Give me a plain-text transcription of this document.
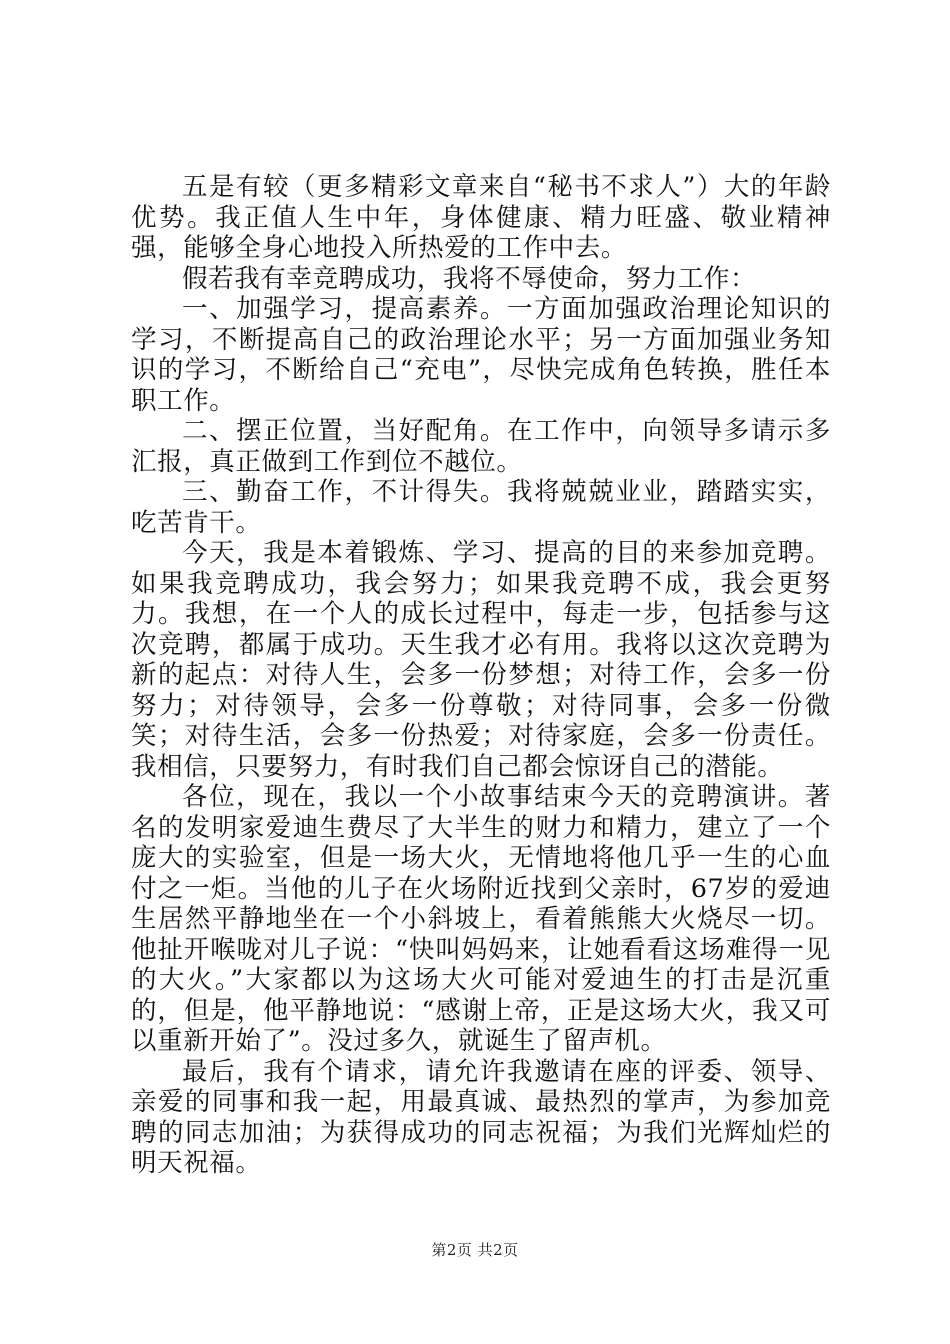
五是有较（更多精彩文章来自“秘书不求人”）大的年龄优势。我正值人生中年，身体健康、精力旺盛、敬业精神强，能够全身心地投入所热爱的工作中去。

假若我有幸竞聘成功，我将不辱使命，努力工作：

一、加强学习，提高素养。一方面加强政治理论知识的学习，不断提高自己的政治理论水平；另一方面加强业务知识的学习，不断给自己“充电”，尽快完成角色转换，胜任本职工作。

二、摆正位置，当好配角。在工作中，向领导多请示多汇报，真正做到工作到位不越位。

三、勤奋工作，不计得失。我将兢兢业业，踏踏实实，吃苦肯干。

今天，我是本着锻炼、学习、提高的目的来参加竞聘。如果我竞聘成功，我会努力；如果我竞聘不成，我会更努力。我想，在一个人的成长过程中，每走一步，包括参与这次竞聘，都属于成功。天生我才必有用。我将以这次竞聘为新的起点：对待人生，会多一份梦想；对待工作，会多一份努力；对待领导，会多一份尊敬；对待同事，会多一份微笑；对待生活，会多一份热爱；对待家庭，会多一份责任。我相信，只要努力，有时我们自己都会惊讶自己的潜能。

各位，现在，我以一个小故事结束今天的竞聘演讲。著名的发明家爱迪生费尽了大半生的财力和精力，建立了一个庞大的实验室，但是一场大火，无情地将他几乎一生的心血付之一炬。当他的儿子在火场附近找到父亲时，67岁的爱迪生居然平静地坐在一个小斜坡上，看着熊熊大火烧尽一切。他扯开喉咙对儿子说：“快叫妈妈来，让她看看这场难得一见的大火。”大家都以为这场大火可能对爱迪生的打击是沉重的，但是，他平静地说：“感谢上帝，正是这场大火，我又可以重新开始了”。没过多久，就诞生了留声机。

最后，我有个请求，请允许我邀请在座的评委、领导、亲爱的同事和我一起，用最真诚、最热烈的掌声，为参加竞聘的同志加油；为获得成功的同志祝福；为我们光辉灿烂的明天祝福。

第2页 共2页
